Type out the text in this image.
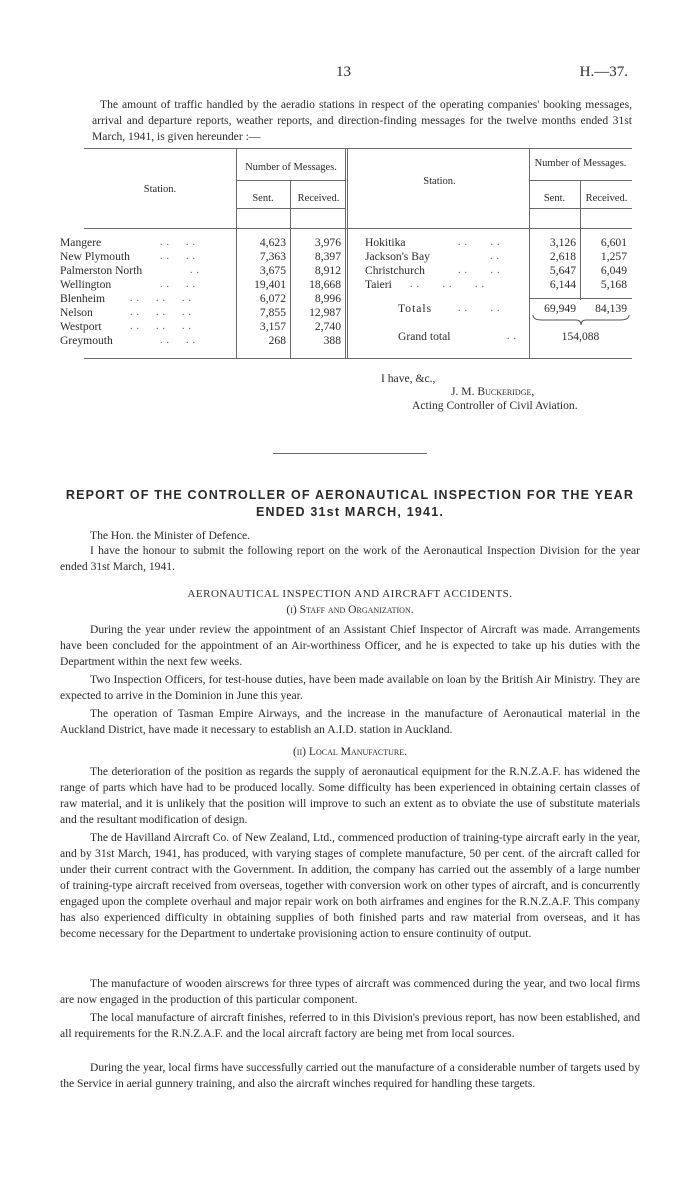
13	H.—37.

The amount of traffic handled by the aeradio stations in respect of the operating companies' booking messages, arrival and departure reports, weather reports, and direction-finding messages for the twelve months ended 31st March, 1941, is given hereunder :—

Station.
Number of Messages.
Sent.	Received.
Station.
Number of Messages.
Sent.	Received.
Mangere	4,623	3,976
New Plymouth	7,363	8,397
Palmerston North	3,675	8,912
Wellington	19,401	18,668
Blenheim	6,072	8,996
Nelson	7,855	12,987
Westport	3,157	2,740
Greymouth	268	388
..  ..
..  ..
..
..  ..
..  ..  ..
..  ..  ..
..  ..  ..
..  ..
Hokitika	3,126	6,601
Jackson's Bay	2,618	1,257
Christchurch	5,647	6,049
Taieri	6,144	5,168
..   ..
..
..   ..
..   ..   ..
Totals	..   ..	69,949	84,139
Grand total	..	154,088
I have, &c.,
J. M. Buckeridge,
Acting Controller of Civil Aviation.
REPORT OF THE CONTROLLER OF AERONAUTICAL INSPECTION FOR THE YEAR
ENDED 31st MARCH, 1941.
The Hon. the Minister of Defence.

I have the honour to submit the following report on the work of the Aeronautical Inspection Division for the year ended 31st March, 1941.

AERONAUTICAL INSPECTION AND AIRCRAFT ACCIDENTS.
(i) Staff and Organization.

During the year under review the appointment of an Assistant Chief Inspector of Aircraft was made. Arrangements have been concluded for the appointment of an Air-worthiness Officer, and he is expected to take up his duties with the Department within the next few weeks.

Two Inspection Officers, for test-house duties, have been made available on loan by the British Air Ministry. They are expected to arrive in the Dominion in June this year.

The operation of Tasman Empire Airways, and the increase in the manufacture of Aeronautical material in the Auckland District, have made it necessary to establish an A.I.D. station in Auckland.

(ii) Local Manufacture.

The deterioration of the position as regards the supply of aeronautical equipment for the R.N.Z.A.F. has widened the range of parts which have had to be produced locally. Some difficulty has been experienced in obtaining certain classes of raw material, and it is unlikely that the position will improve to such an extent as to obviate the use of substitute materials and the resultant modification of design.

The de Havilland Aircraft Co. of New Zealand, Ltd., commenced production of training-type aircraft early in the year, and by 31st March, 1941, has produced, with varying stages of complete manufacture, 50 per cent. of the aircraft called for under their current contract with the Government. In addition, the company has carried out the assembly of a large number of training-type aircraft received from overseas, together with conversion work on other types of aircraft, and is concurrently engaged upon the complete overhaul and major repair work on both airframes and engines for the R.N.Z.A.F. This company has also experienced difficulty in obtaining supplies of both finished parts and raw material from overseas, and it has become necessary for the Department to undertake provisioning action to ensure continuity of output.

The manufacture of wooden airscrews for three types of aircraft was commenced during the year, and two local firms are now engaged in the production of this particular component.

The local manufacture of aircraft finishes, referred to in this Division's previous report, has now been established, and all requirements for the R.N.Z.A.F. and the local aircraft factory are being met from local sources.

During the year, local firms have successfully carried out the manufacture of a considerable number of targets used by the Service in aerial gunnery training, and also the aircraft winches required for handling these targets.
